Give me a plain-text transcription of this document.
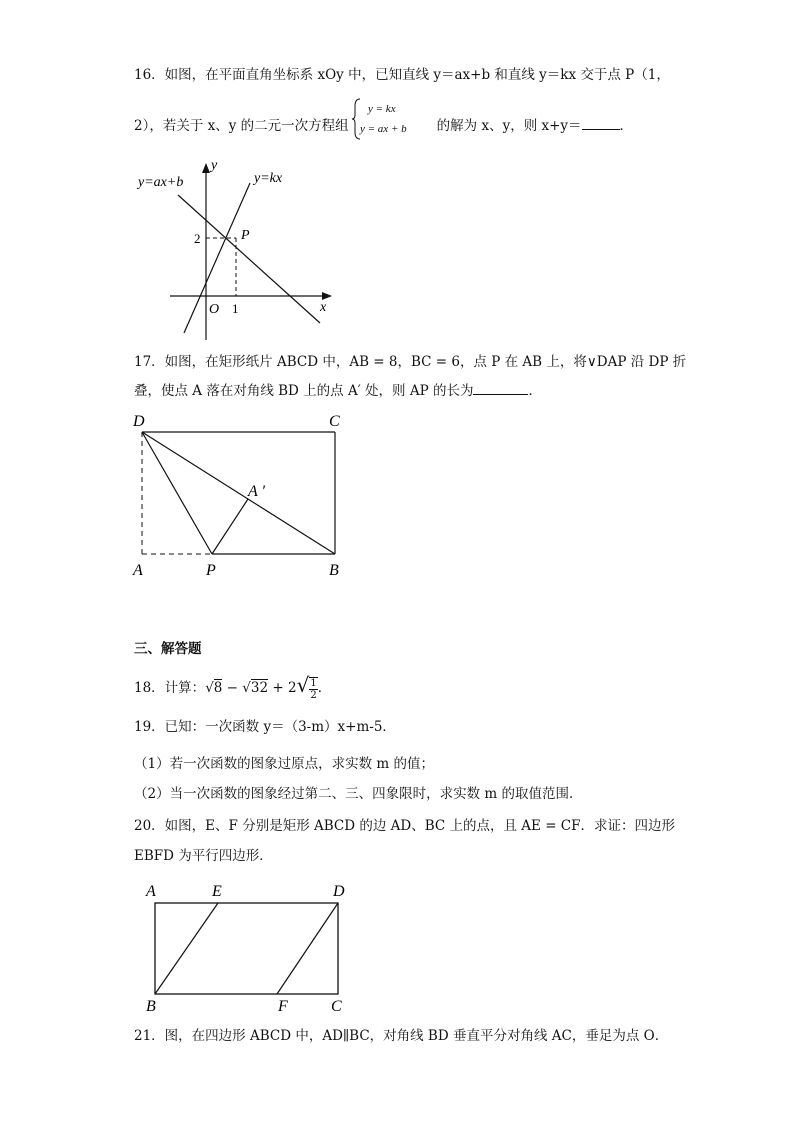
16．如图，在平面直角坐标系 xOy 中，已知直线 y＝ax+b 和直线 y＝kx 交于点 P（1，
2），若关于 x、y 的二元一次方程组	的解为 x、y，则 x+y＝	．
y = kx
y = ax + b
y=ax+b	y=kx
y
x
O 1
2	P
17．如图，在矩形纸片 ABCD 中，AB = 8，BC = 6，点 P 在 AB 上，将∨DAP 沿 DP 折
叠，使点 A 落在对角线 BD 上的点 A′ 处，则 AP 的长为	．
D	C
A	P	B
A ′
三、解答题
18．计算：$√8 - √32 + 2√ \frac{1}{2}$ ．
19．已知：一次函数 y＝（3-m）x+m-5．
（1）若一次函数的图象过原点，求实数 m 的值；
（2）当一次函数的图象经过第二、三、四象限时，求实数 m 的取值范围．
20．如图，E、F 分别是矩形 ABCD 的边 AD、BC 上的点，且 AE = CF．求证：四边形
EBFD 为平行四边形．
A	E	D
B	F	C
21．图，在四边形 ABCD 中，AD∥BC，对角线 BD 垂直平分对角线 AC，垂足为点 O．
